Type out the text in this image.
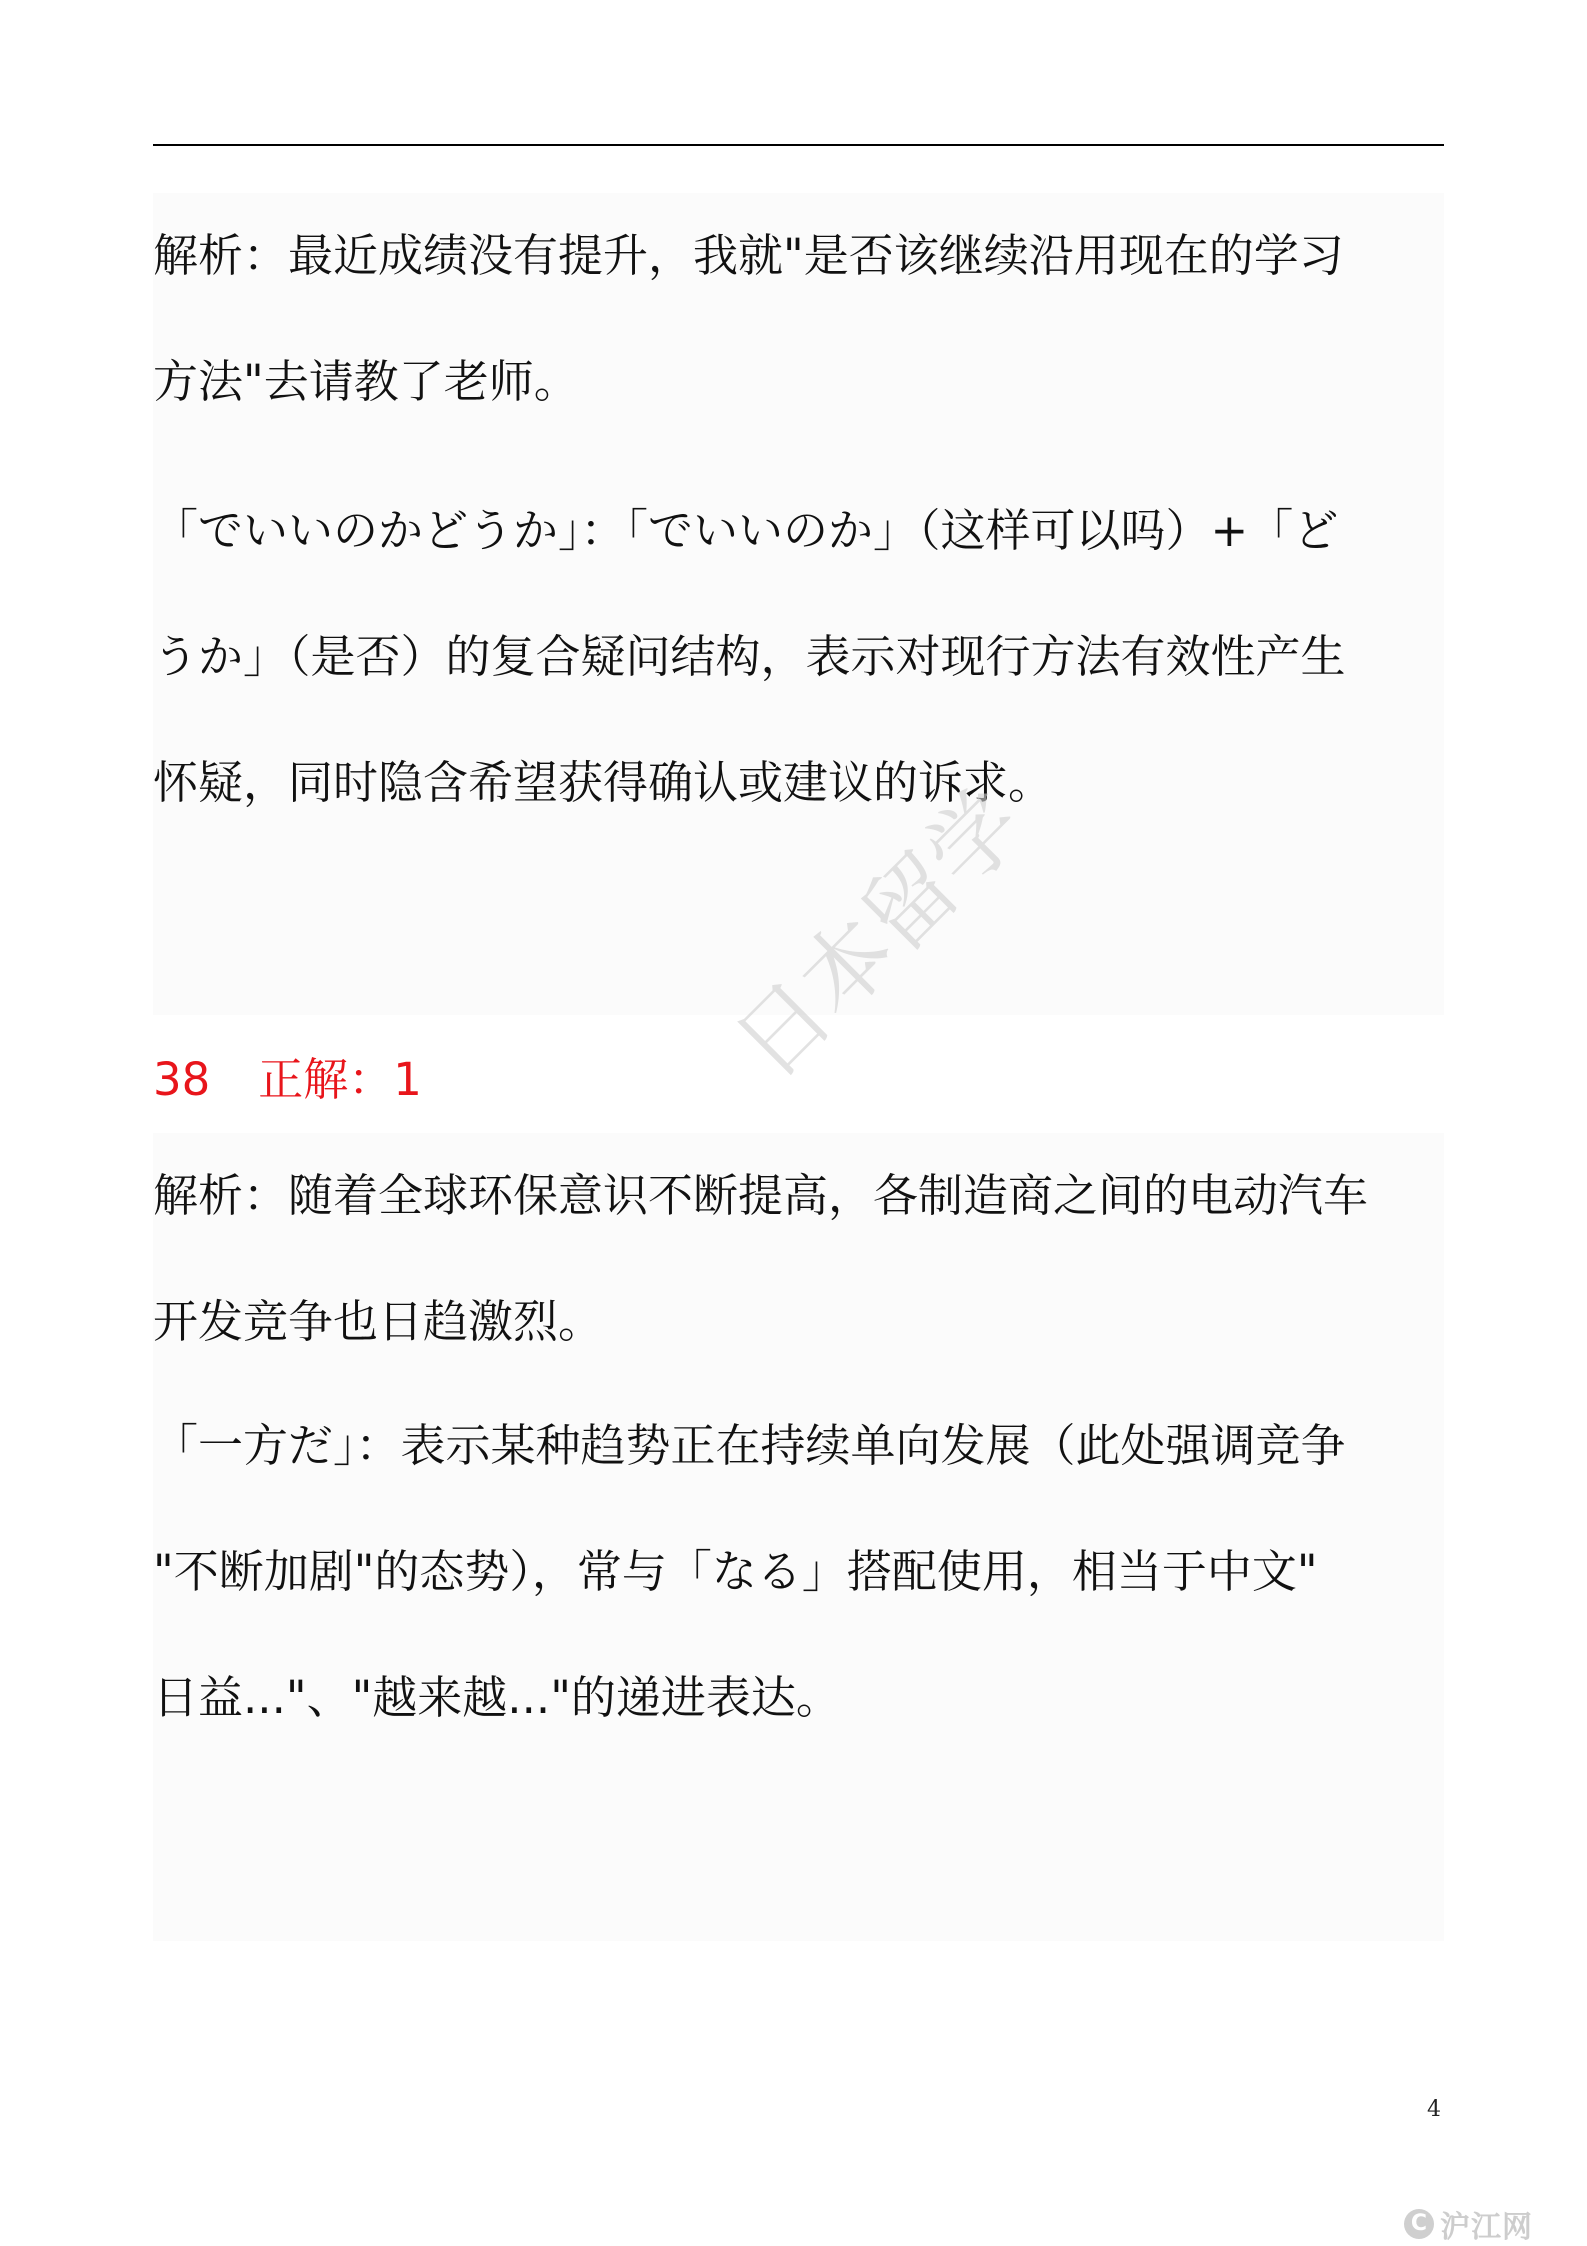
解析：最近成绩没有提升，我就"是否该继续沿用现在的学习
方法"去请教了老师。
「でいいのかどうか」：「でいいのか」（这样可以吗）+「ど
うか」（是否）的复合疑问结构，表示对现行方法有效性产生
怀疑，同时隐含希望获得确认或建议的诉求。
38 正解：1
解析：随着全球环保意识不断提高，各制造商之间的电动汽车
开发竞争也日趋激烈。
「一方だ」：表示某种趋势正在持续单向发展（此处强调竞争
"不断加剧"的态势），常与「なる」搭配使用，相当于中文"
日益..."、"越来越..."的递进表达。
日本留学
4
C 沪江网
